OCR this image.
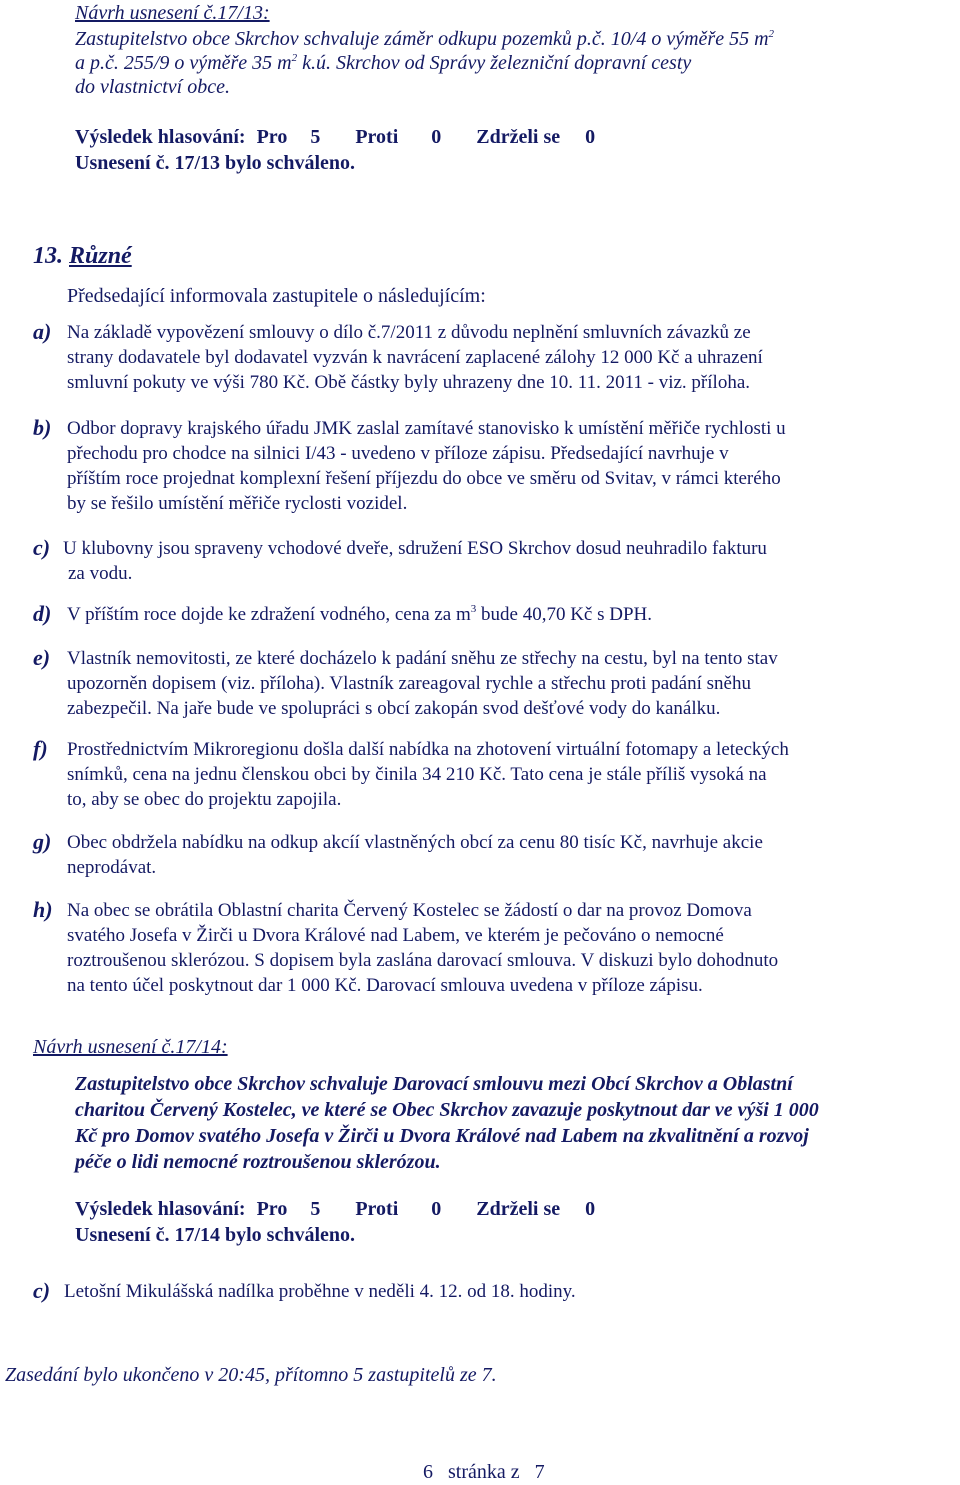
Návrh usnesení č.17/13:
Zastupitelstvo obce Skrchov schvaluje záměr odkupu pozemků p.č. 10/4 o výměře 55 $m^2$
a p.č. 255/9 o výměře 35 $m^2$ k.ú. Skrchov od Správy železniční dopravní cesty
do vlastnictví obce.
Výsledek hlasování: Pro 5 Proti 0 Zdrželi se 0
Usnesení č. 17/13 bylo schváleno.
13. Různé
Předsedající informovala zastupitele o následujícím:
a) Na základě vypovězení smlouvy o dílo č.7/2011 z důvodu neplnění smluvních závazků ze
strany dodavatele byl dodavatel vyzván k navrácení zaplacené zálohy 12 000 Kč a uhrazení
smluvní pokuty ve výši 780 Kč. Obě částky byly uhrazeny dne 10. 11. 2011 - viz. příloha.
b) Odbor dopravy krajského úřadu JMK zaslal zamítavé stanovisko k umístění měřiče rychlosti u
přechodu pro chodce na silnici I/43 - uvedeno v příloze zápisu. Předsedající navrhuje v
příštím roce projednat komplexní řešení příjezdu do obce ve směru od Svitav, v rámci kterého
by se řešilo umístění měřiče ryclosti vozidel.
c) U klubovny jsou spraveny vchodové dveře, sdružení ESO Skrchov dosud neuhradilo fakturu
za vodu.
d) V příštím roce dojde ke zdražení vodného, cena za $m^3$ bude 40,70 Kč s DPH.
e) Vlastník nemovitosti, ze které docházelo k padání sněhu ze střechy na cestu, byl na tento stav
upozorněn dopisem (viz. příloha). Vlastník zareagoval rychle a střechu proti padání sněhu
zabezpečil. Na jaře bude ve spolupráci s obcí zakopán svod dešťové vody do kanálku.
f) Prostřednictvím Mikroregionu došla další nabídka na zhotovení virtuální fotomapy a leteckých
snímků, cena na jednu členskou obci by činila 34 210 Kč. Tato cena je stále příliš vysoká na
to, aby se obec do projektu zapojila.
g) Obec obdržela nabídku na odkup akcíí vlastněných obcí za cenu 80 tisíc Kč, navrhuje akcie
neprodávat.
h) Na obec se obrátila Oblastní charita Červený Kostelec se žádostí o dar na provoz Domova
svatého Josefa v Žirči u Dvora Králové nad Labem, ve kterém je pečováno o nemocné
roztroušenou sklerózou. S dopisem byla zaslána darovací smlouva. V diskuzi bylo dohodnuto
na tento účel poskytnout dar 1 000 Kč. Darovací smlouva uvedena v příloze zápisu.
Návrh usnesení č.17/14:
Zastupitelstvo obce Skrchov schvaluje Darovací smlouvu mezi Obcí Skrchov a Oblastní
charitou Červený Kostelec, ve které se Obec Skrchov zavazuje poskytnout dar ve výši 1 000
Kč pro Domov svatého Josefa v Žirči u Dvora Králové nad Labem na zkvalitnění a rozvoj
péče o lidi nemocné roztroušenou sklerózou.
Výsledek hlasování: Pro 5 Proti 0 Zdrželi se 0
Usnesení č. 17/14 bylo schváleno.
c) Letošní Mikulášská nadílka proběhne v neděli 4. 12. od 18. hodiny.
Zasedání bylo ukončeno v 20:45, přítomno 5 zastupitelů ze 7.
6 stránka z 7
